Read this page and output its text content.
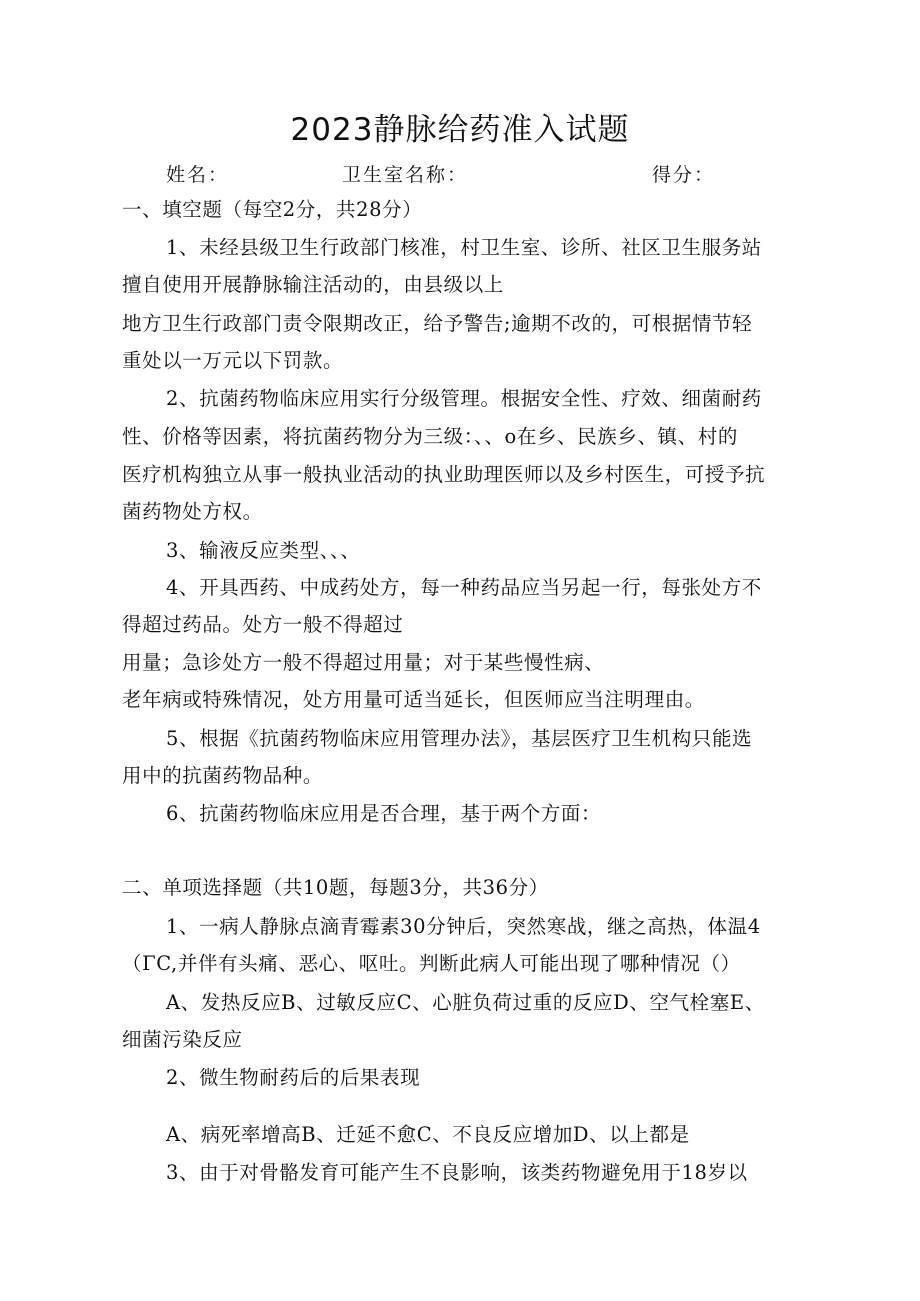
2023静脉给药准入试题
姓名：	卫生室名称：	得分：
一、填空题（每空2分，共28分）
1、未经县级卫生行政部门核准，村卫生室、诊所、社区卫生服务站
擅自使用开展静脉输注活动的，由县级以上
地方卫生行政部门责令限期改正，给予警告;逾期不改的，可根据情节轻
重处以一万元以下罚款。
2、抗菌药物临床应用实行分级管理。根据安全性、疗效、细菌耐药
性、价格等因素，将抗菌药物分为三级：、、o在乡、民族乡、镇、村的
医疗机构独立从事一般执业活动的执业助理医师以及乡村医生，可授予抗
菌药物处方权。
3、输液反应类型、、、
4、开具西药、中成药处方，每一种药品应当另起一行，每张处方不
得超过药品。处方一般不得超过
用量；急诊处方一般不得超过用量；对于某些慢性病、
老年病或特殊情况，处方用量可适当延长，但医师应当注明理由。
5、根据《抗菌药物临床应用管理办法》，基层医疗卫生机构只能选
用中的抗菌药物品种。
6、抗菌药物临床应用是否合理，基于两个方面：
二、单项选择题（共10题，每题3分，共36分）
1、一病人静脉点滴青霉素30分钟后，突然寒战，继之高热，体温4
（ΓC,并伴有头痛、恶心、呕吐。判断此病人可能出现了哪种情况（）
A、发热反应B、过敏反应C、心脏负荷过重的反应D、空气栓塞E、
细菌污染反应
2、微生物耐药后的后果表现
A、病死率增高B、迁延不愈C、不良反应增加D、以上都是
3、由于对骨骼发育可能产生不良影响，该类药物避免用于18岁以
